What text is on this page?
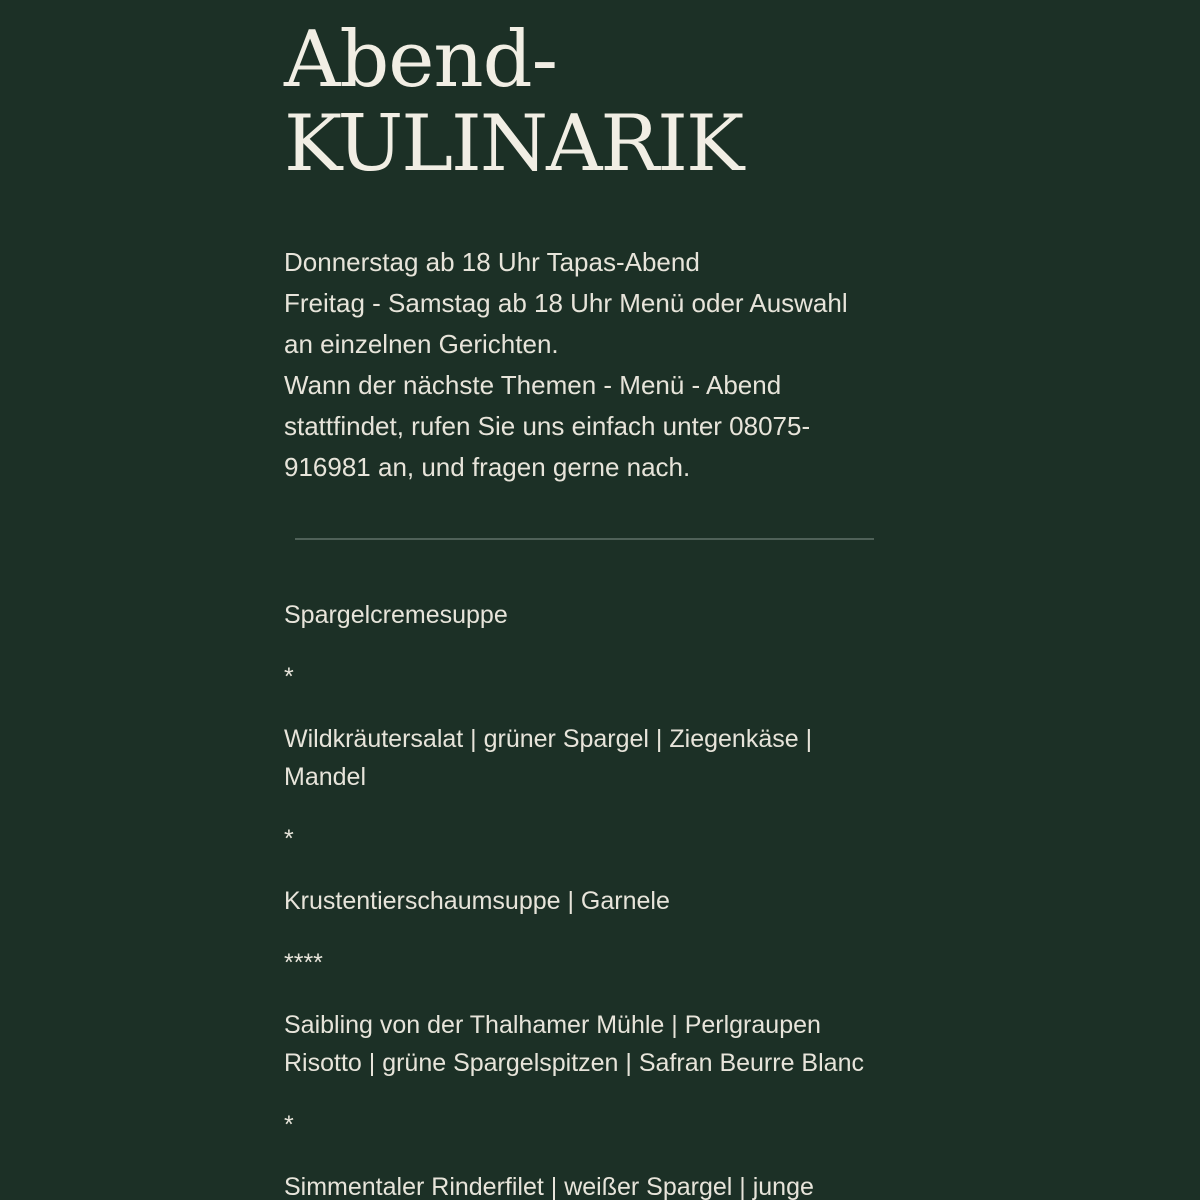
Abend-
KULINARIK

Donnerstag ab 18 Uhr Tapas-Abend
Freitag - Samstag ab 18 Uhr Menü oder Auswahl
an einzelnen Gerichten.
Wann der nächste Themen - Menü - Abend
stattfindet, rufen Sie uns einfach unter 08075-
916981 an, und fragen gerne nach.

Spargelcremesuppe
*
Wildkräutersalat | grüner Spargel | Ziegenkäse | Mandel
*
Krustentierschaumsuppe | Garnele
****
Saibling von der Thalhamer Mühle | Perlgraupen Risotto | grüne Spargelspitzen | Safran Beurre Blanc
*
Simmentaler Rinderfilet | weißer Spargel | junge
